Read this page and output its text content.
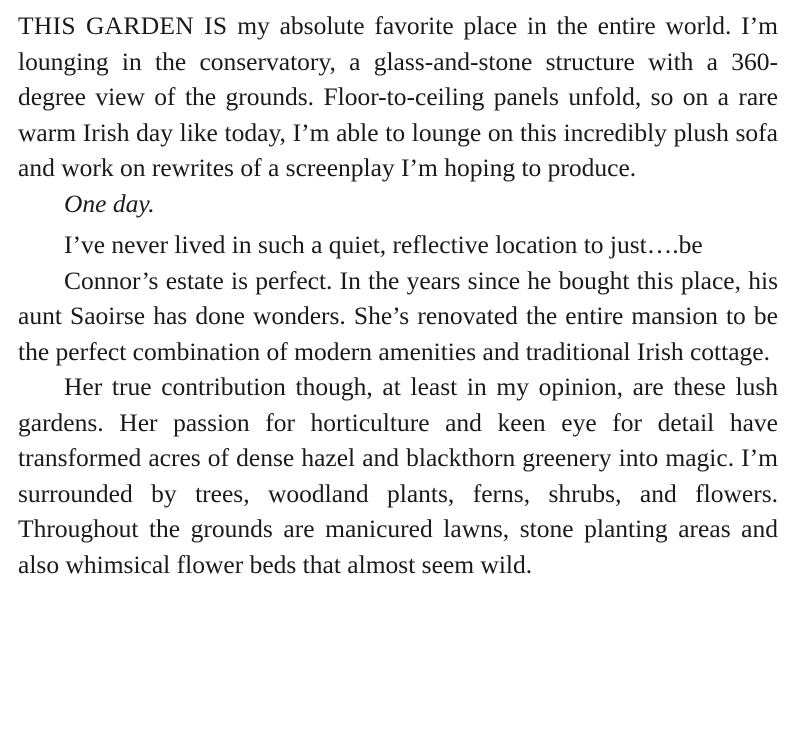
THIS GARDEN IS my absolute favorite place in the entire world. I’m lounging in the conservatory, a glass-and-stone structure with a 360-degree view of the grounds. Floor-to-ceiling panels unfold, so on a rare warm Irish day like today, I’m able to lounge on this incredibly plush sofa and work on rewrites of a screenplay I’m hoping to produce.

One day.

I’ve never lived in such a quiet, reflective location to just….be

Connor’s estate is perfect. In the years since he bought this place, his aunt Saoirse has done wonders. She’s renovated the entire mansion to be the perfect combination of modern amenities and traditional Irish cottage.

Her true contribution though, at least in my opinion, are these lush gardens. Her passion for horticulture and keen eye for detail have transformed acres of dense hazel and blackthorn greenery into magic. I’m surrounded by trees, woodland plants, ferns, shrubs, and flowers. Throughout the grounds are manicured lawns, stone planting areas and also whimsical flower beds that almost seem wild.
